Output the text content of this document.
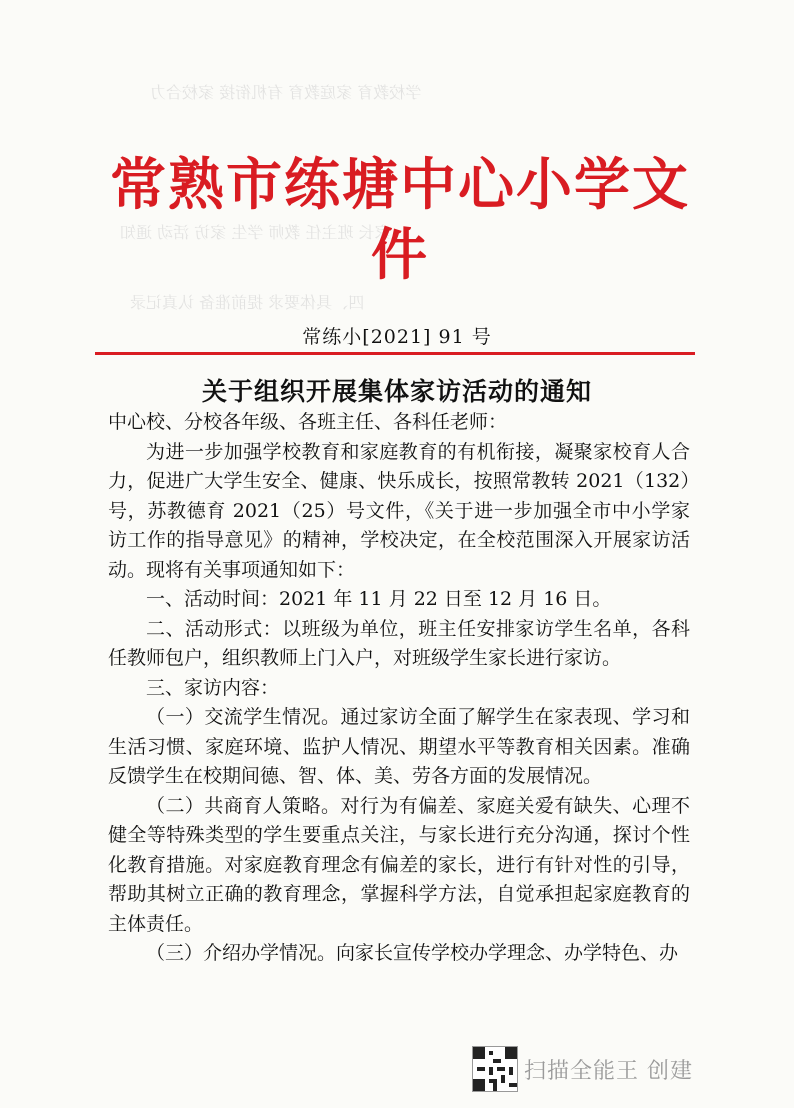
学校教育 家庭教育 有机衔接 家校合力
家长 班主任 教师 学生 家访 活动 通知
四、具体要求 提前准备 认真记录
常熟市练塘中心小学文件
常练小[2021] 91 号
关于组织开展集体家访活动的通知

中心校、分校各年级、各班主任、各科任老师：

为进一步加强学校教育和家庭教育的有机衔接，凝聚家校育人合力，促进广大学生安全、健康、快乐成长，按照常教转 2021（132）号，苏教德育 2021（25）号文件，《关于进一步加强全市中小学家访工作的指导意见》的精神，学校决定，在全校范围深入开展家访活动。现将有关事项通知如下：

一、活动时间：2021 年 11 月 22 日至 12 月 16 日。

二、活动形式：以班级为单位，班主任安排家访学生名单，各科任教师包户，组织教师上门入户，对班级学生家长进行家访。

三、家访内容：

（一）交流学生情况。通过家访全面了解学生在家表现、学习和生活习惯、家庭环境、监护人情况、期望水平等教育相关因素。准确反馈学生在校期间德、智、体、美、劳各方面的发展情况。

（二）共商育人策略。对行为有偏差、家庭关爱有缺失、心理不健全等特殊类型的学生要重点关注，与家长进行充分沟通，探讨个性化教育措施。对家庭教育理念有偏差的家长，进行有针对性的引导，帮助其树立正确的教育理念，掌握科学方法，自觉承担起家庭教育的主体责任。

（三）介绍办学情况。向家长宣传学校办学理念、办学特色、办

扫描全能王 创建
